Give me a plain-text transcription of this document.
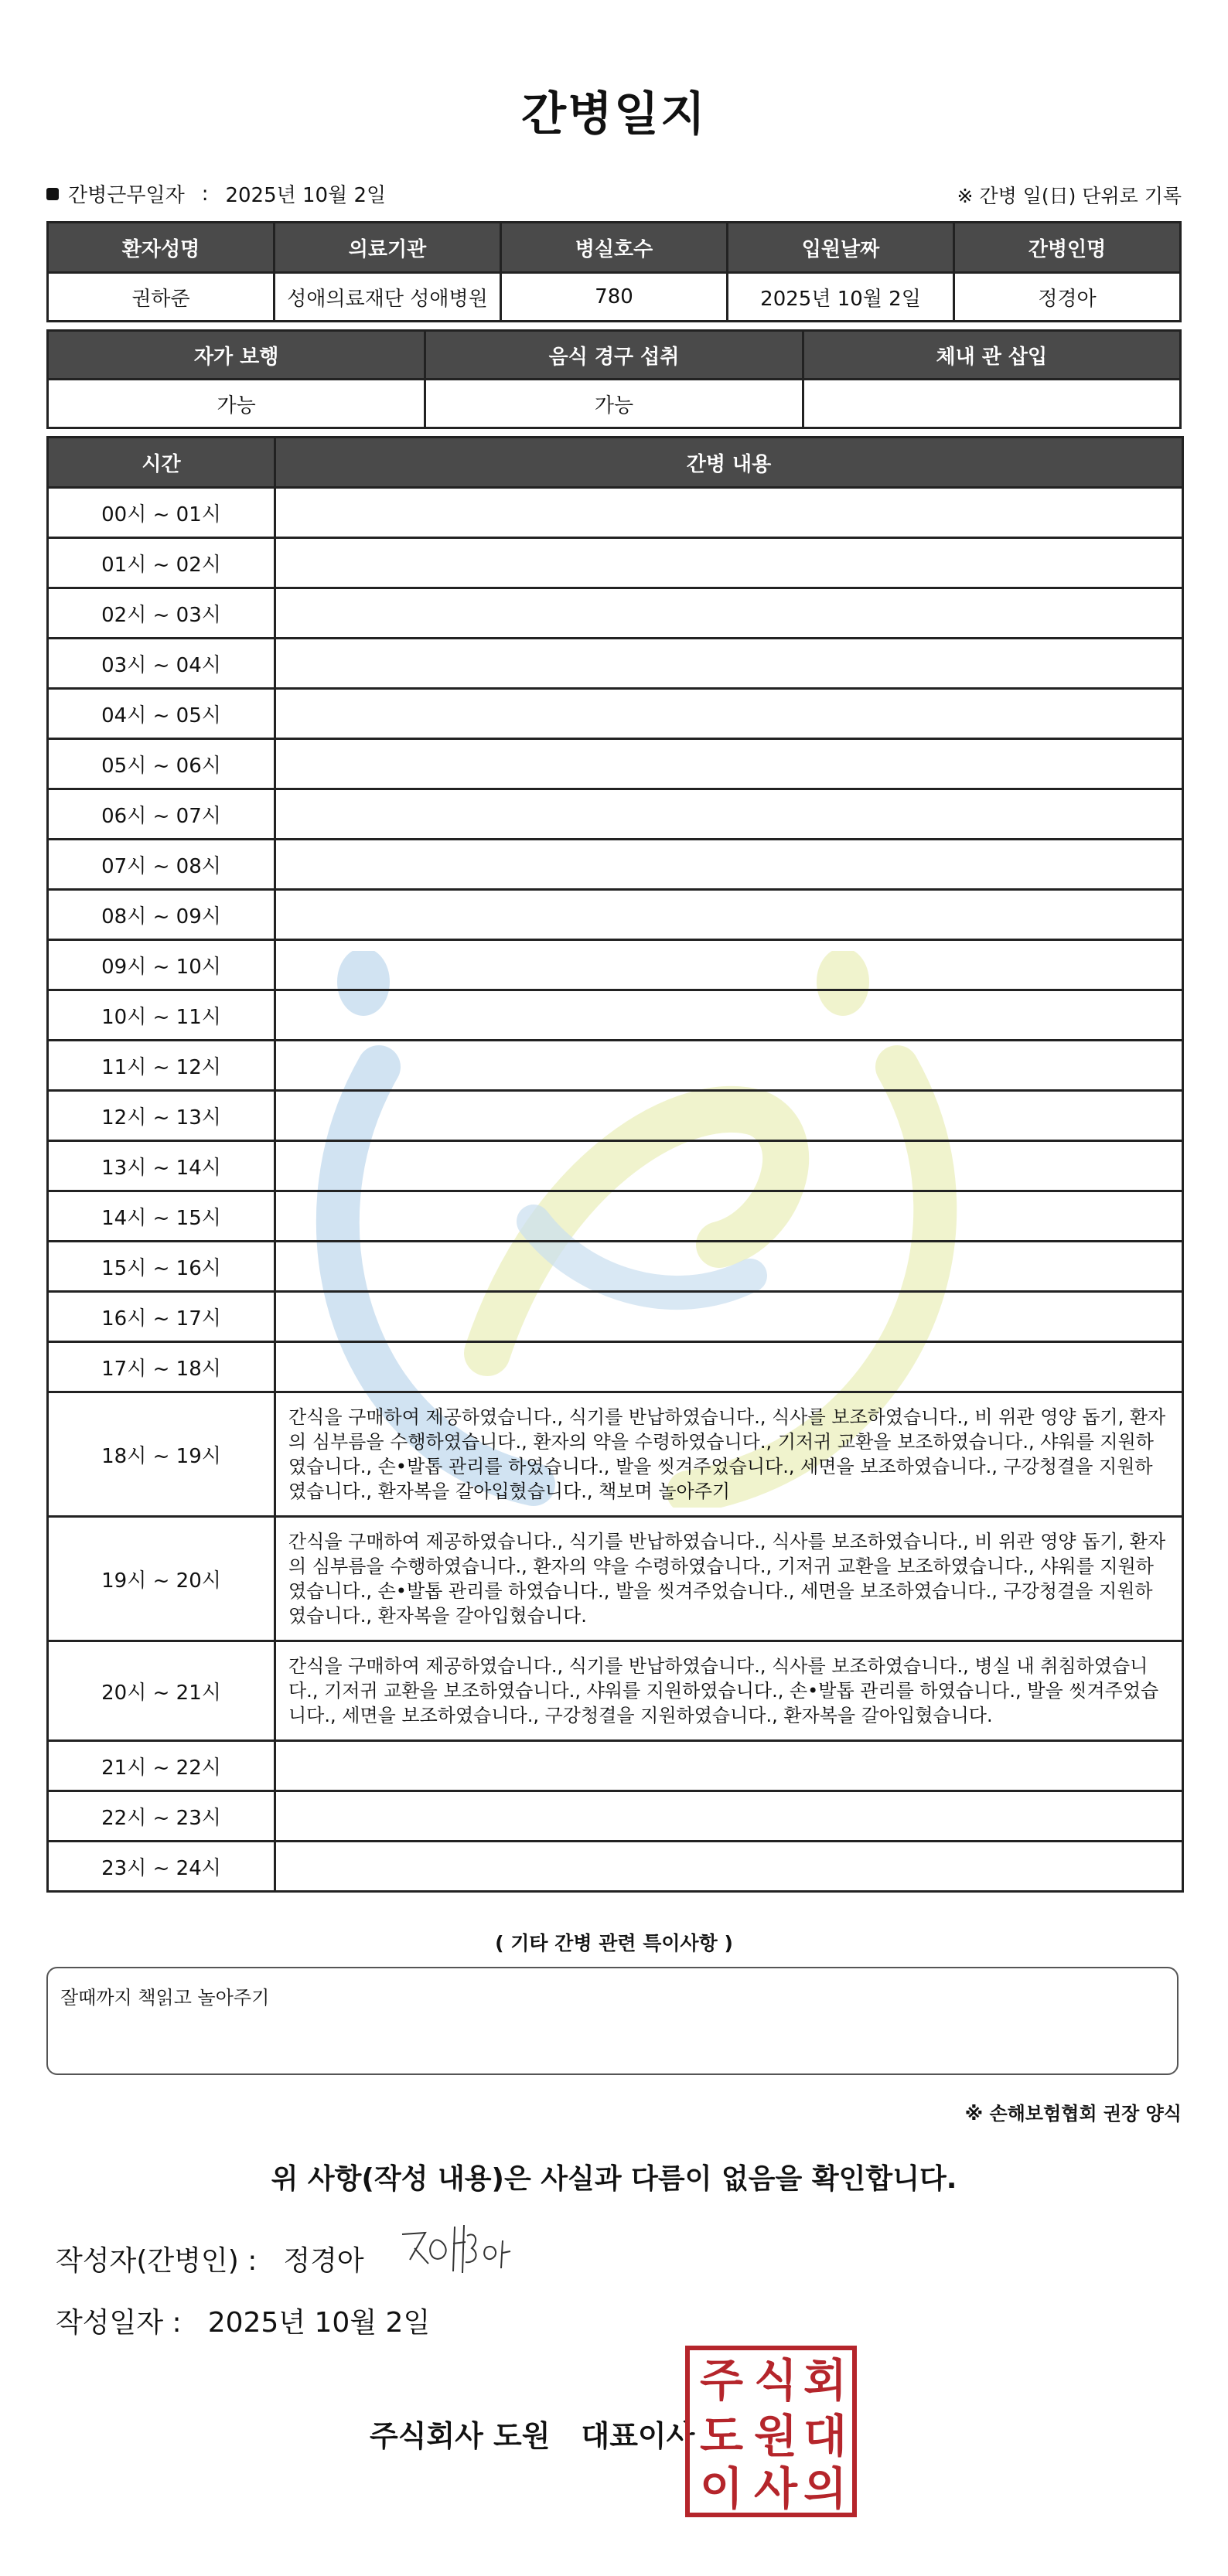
간병일지
간병근무일자 : 2025년 10월 2일	※ 간병 일(日) 단위로 기록
환자성명	의료기관	병실호수	입원날짜	간병인명
권하준	성애의료재단 성애병원	780	2025년 10월 2일	정경아
자가 보행	음식 경구 섭취	체내 관 삽입
가능	가능	
시간	간병 내용
00시 ~ 01시	
01시 ~ 02시	
02시 ~ 03시	
03시 ~ 04시	
04시 ~ 05시	
05시 ~ 06시	
06시 ~ 07시	
07시 ~ 08시	
08시 ~ 09시	
09시 ~ 10시	
10시 ~ 11시	
11시 ~ 12시	
12시 ~ 13시	
13시 ~ 14시	
14시 ~ 15시	
15시 ~ 16시	
16시 ~ 17시	
17시 ~ 18시	
18시 ~ 19시	간식을 구매하여 제공하였습니다., 식기를 반납하였습니다., 식사를 보조하였습니다., 비 위관 영양 돕기, 환자의 심부름을 수행하였습니다., 환자의 약을 수령하였습니다., 기저귀 교환을 보조하였습니다., 샤워를 지원하였습니다., 손•발톱 관리를 하였습니다., 발을 씻겨주었습니다., 세면을 보조하였습니다., 구강청결을 지원하였습니다., 환자복을 갈아입혔습니다., 책보며 놀아주기
19시 ~ 20시	간식을 구매하여 제공하였습니다., 식기를 반납하였습니다., 식사를 보조하였습니다., 비 위관 영양 돕기, 환자의 심부름을 수행하였습니다., 환자의 약을 수령하였습니다., 기저귀 교환을 보조하였습니다., 샤워를 지원하였습니다., 손•발톱 관리를 하였습니다., 발을 씻겨주었습니다., 세면을 보조하였습니다., 구강청결을 지원하였습니다., 환자복을 갈아입혔습니다.
20시 ~ 21시	간식을 구매하여 제공하였습니다., 식기를 반납하였습니다., 식사를 보조하였습니다., 병실 내 취침하였습니다., 기저귀 교환을 보조하였습니다., 샤워를 지원하였습니다., 손•발톱 관리를 하였습니다., 발을 씻겨주었습니다., 세면을 보조하였습니다., 구강청결을 지원하였습니다., 환자복을 갈아입혔습니다.
21시 ~ 22시	
22시 ~ 23시	
23시 ~ 24시	
( 기타 간병 관련 특이사항 )
잘때까지 책읽고 놀아주기
※ 손해보험협회 권장 양식
위 사항(작성 내용)은 사실과 다름이 없음을 확인합니다.
작성자(간병인) : 정경아
작성일자 : 2025년 10월 2일
주식회사 도원 대표이사
주
도
이
식
원
사
회
대
의
